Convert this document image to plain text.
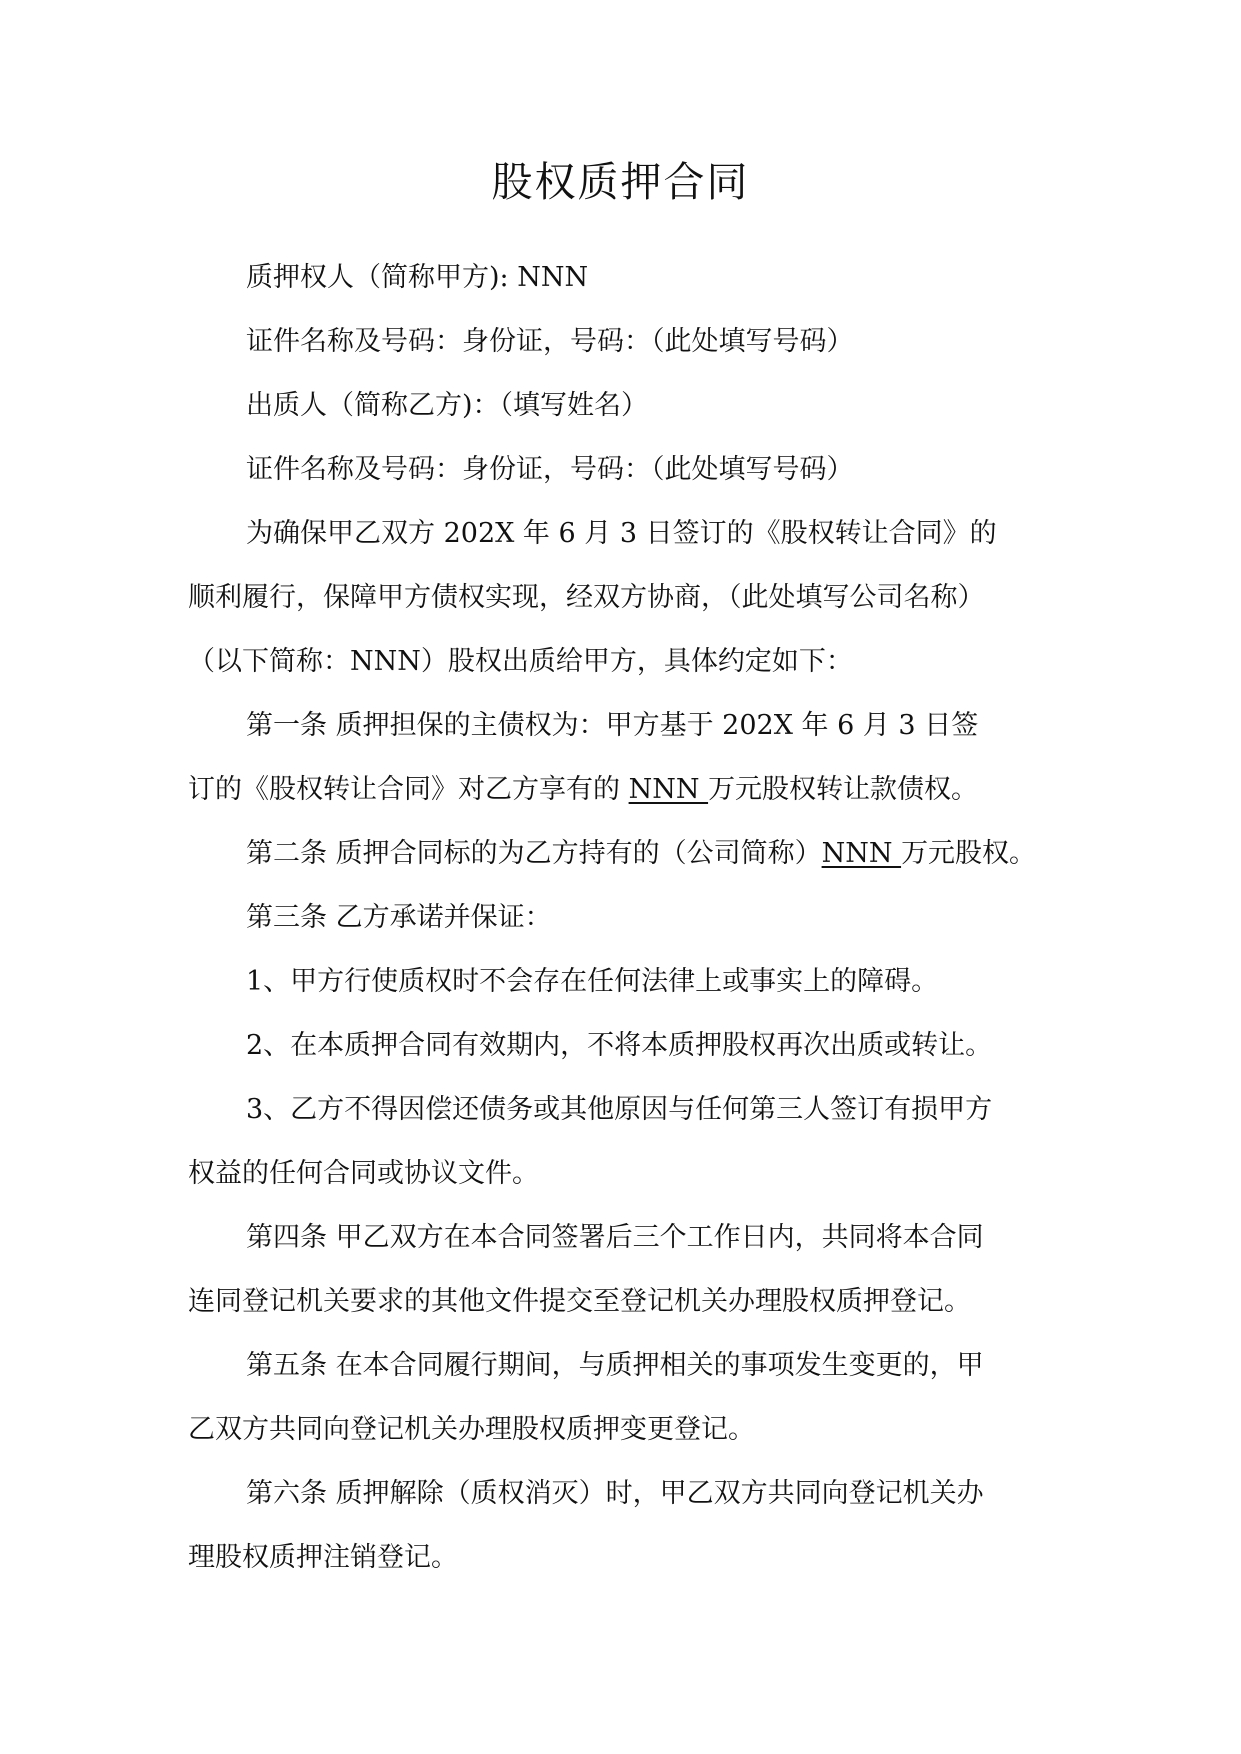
股权质押合同

质押权人（简称甲方): NNN

证件名称及号码：身份证，号码：（此处填写号码）

出质人（简称乙方)：（填写姓名）

证件名称及号码：身份证，号码：（此处填写号码）

为确保甲乙双方 202X 年 6 月 3 日签订的《股权转让合同》的

顺利履行，保障甲方债权实现，经双方协商，（此处填写公司名称）

（以下简称：NNN）股权出质给甲方，具体约定如下：

第一条 质押担保的主债权为：甲方基于 202X 年 6 月 3 日签

订的《股权转让合同》对乙方享有的 NNN 万元股权转让款债权。

第二条 质押合同标的为乙方持有的（公司简称）NNN 万元股权。

第三条 乙方承诺并保证：

1、甲方行使质权时不会存在任何法律上或事实上的障碍。

2、在本质押合同有效期内，不将本质押股权再次出质或转让。

3、乙方不得因偿还债务或其他原因与任何第三人签订有损甲方

权益的任何合同或协议文件。

第四条 甲乙双方在本合同签署后三个工作日内，共同将本合同

连同登记机关要求的其他文件提交至登记机关办理股权质押登记。

第五条 在本合同履行期间，与质押相关的事项发生变更的，甲

乙双方共同向登记机关办理股权质押变更登记。

第六条 质押解除（质权消灭）时，甲乙双方共同向登记机关办

理股权质押注销登记。
